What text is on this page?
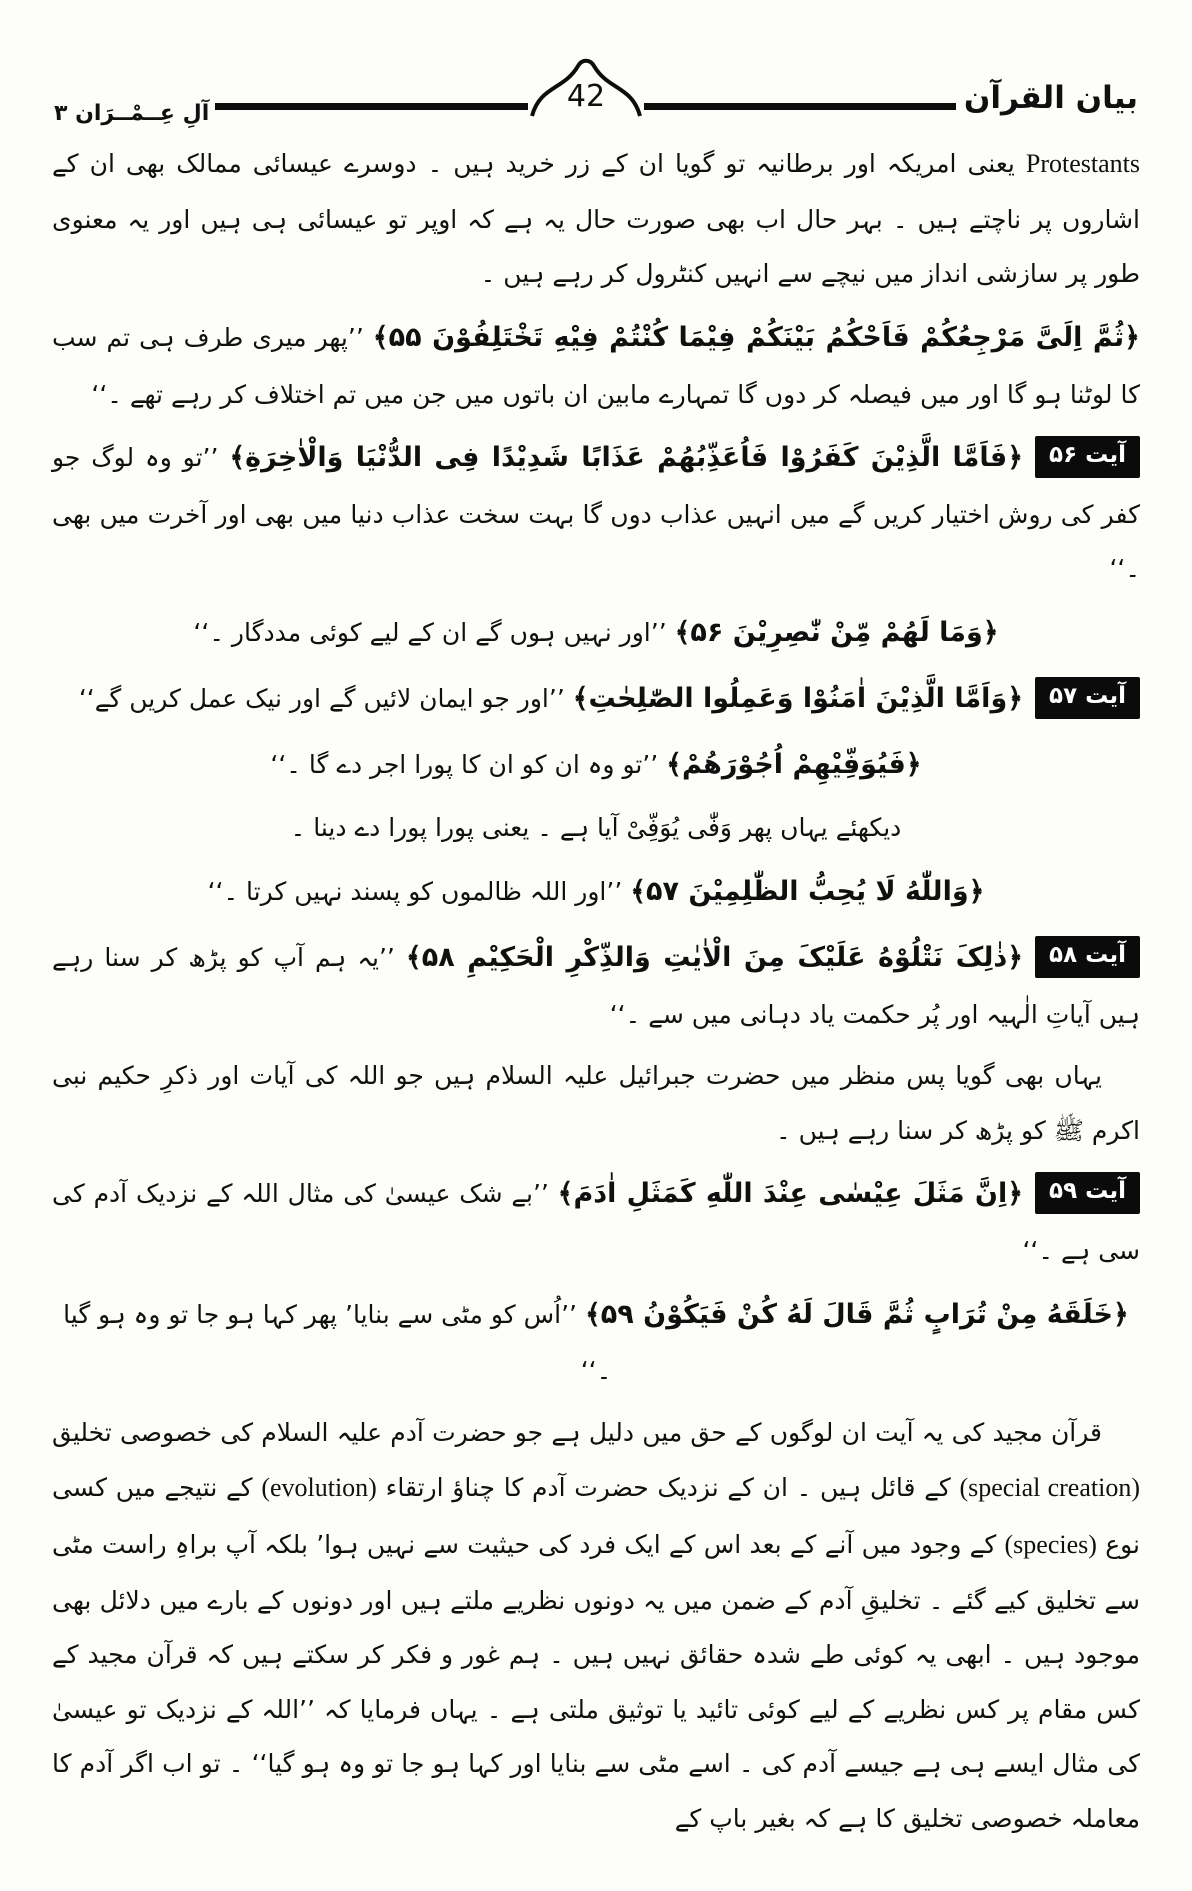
آلِ عِــمْــرَان ۳	42	بیان القرآن

Protestants یعنی امریکہ اور برطانیہ تو گویا ان کے زر خرید ہیں ۔ دوسرے عیسائی ممالک بھی ان کے اشاروں پر ناچتے ہیں ۔ بہر حال اب بھی صورت حال یہ ہے کہ اوپر تو عیسائی ہی ہیں اور یہ معنوی طور پر سازشی انداز میں نیچے سے انہیں کنٹرول کر رہے ہیں ۔

﴿ثُمَّ اِلَیَّ مَرْجِعُکُمْ فَاَحْکُمُ بَیْنَکُمْ فِیْمَا کُنْتُمْ فِیْهِ تَخْتَلِفُوْنَ ۵۵﴾ ’’پھر میری طرف ہی تم سب کا لوٹنا ہو گا اور میں فیصلہ کر دوں گا تمہارے مابین ان باتوں میں جن میں تم اختلاف کر رہے تھے ۔‘‘

آیت ۵۶﴿فَاَمَّا الَّذِیْنَ کَفَرُوْا فَاُعَذِّبُهُمْ عَذَابًا شَدِیْدًا فِی الدُّنْیَا وَالْاٰخِرَةِ﴾ ’’تو وہ لوگ جو کفر کی روش اختیار کریں گے میں انہیں عذاب دوں گا بہت سخت عذاب دنیا میں بھی اور آخرت میں بھی ۔‘‘

﴿وَمَا لَهُمْ مِّنْ نّٰصِرِیْنَ ۵۶﴾ ’’اور نہیں ہوں گے ان کے لیے کوئی مددگار ۔‘‘

آیت ۵۷﴿وَاَمَّا الَّذِیْنَ اٰمَنُوْا وَعَمِلُوا الصّٰلِحٰتِ﴾ ’’اور جو ایمان لائیں گے اور نیک عمل کریں گے‘‘

﴿فَیُوَفِّیْهِمْ اُجُوْرَهُمْ﴾ ’’تو وہ ان کو ان کا پورا اجر دے گا ۔‘‘

دیکھئے یہاں پھر وَفّٰی یُوَفِّیْ آیا ہے ۔ یعنی پورا پورا دے دینا ۔

﴿وَاللّٰهُ لَا یُحِبُّ الظّٰلِمِیْنَ ۵۷﴾ ’’اور اللہ ظالموں کو پسند نہیں کرتا ۔‘‘

آیت ۵۸﴿ذٰلِکَ نَتْلُوْهُ عَلَیْکَ مِنَ الْاٰیٰتِ وَالذِّکْرِ الْحَکِیْمِ ۵۸﴾ ’’یہ ہم آپ کو پڑھ کر سنا رہے ہیں آیاتِ الٰہیہ اور پُر حکمت یاد دہانی میں سے ۔‘‘

یہاں بھی گویا پس منظر میں حضرت جبرائیل علیہ السلام ہیں جو اللہ کی آیات اور ذکرِ حکیم نبی اکرم ﷺ کو پڑھ کر سنا رہے ہیں ۔

آیت ۵۹﴿اِنَّ مَثَلَ عِیْسٰی عِنْدَ اللّٰهِ کَمَثَلِ اٰدَمَ﴾ ’’بے شک عیسیٰ کی مثال اللہ کے نزدیک آدم کی سی ہے ۔‘‘

﴿خَلَقَهُ مِنْ تُرَابٍ ثُمَّ قَالَ لَهُ کُنْ فَیَکُوْنُ ۵۹﴾ ’’اُس کو مٹی سے بنایا’ پھر کہا ہو جا تو وہ ہو گیا ۔‘‘

قرآن مجید کی یہ آیت ان لوگوں کے حق میں دلیل ہے جو حضرت آدم علیہ السلام کی خصوصی تخلیق (special creation) کے قائل ہیں ۔ ان کے نزدیک حضرت آدم کا چناؤ ارتقاء (evolution) کے نتیجے میں کسی نوع (species) کے وجود میں آنے کے بعد اس کے ایک فرد کی حیثیت سے نہیں ہوا’ بلکہ آپ براہِ راست مٹی سے تخلیق کیے گئے ۔ تخلیقِ آدم کے ضمن میں یہ دونوں نظریے ملتے ہیں اور دونوں کے بارے میں دلائل بھی موجود ہیں ۔ ابھی یہ کوئی طے شدہ حقائق نہیں ہیں ۔ ہم غور و فکر کر سکتے ہیں کہ قرآن مجید کے کس مقام پر کس نظریے کے لیے کوئی تائید یا توثیق ملتی ہے ۔ یہاں فرمایا کہ ’’اللہ کے نزدیک تو عیسیٰ کی مثال ایسے ہی ہے جیسے آدم کی ۔ اسے مٹی سے بنایا اور کہا ہو جا تو وہ ہو گیا‘‘ ۔ تو اب اگر آدم کا معاملہ خصوصی تخلیق کا ہے کہ بغیر باپ کے
